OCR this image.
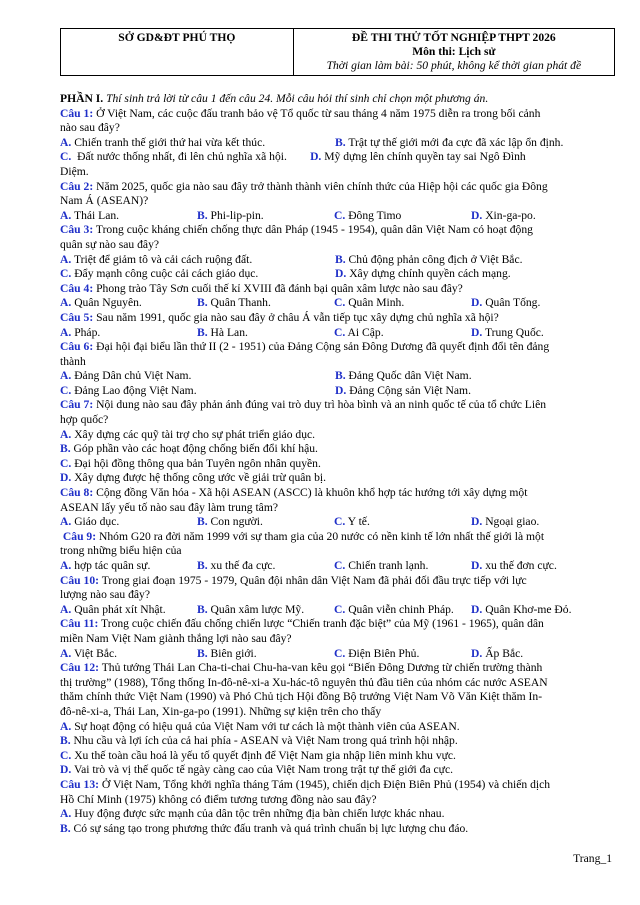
SỞ GD&ĐT PHÚ THỌ	ĐỀ THI THỬ TỐT NGHIỆP THPT 2026
Môn thi: Lịch sử
Thời gian làm bài: 50 phút, không kể thời gian phát đề
PHẦN I. Thí sinh trả lời từ câu 1 đến câu 24. Mỗi câu hỏi thí sinh chỉ chọn một phương án.
Câu 1: Ở Việt Nam, các cuộc đấu tranh bảo vệ Tổ quốc từ sau tháng 4 năm 1975 diễn ra trong bối cảnh
nào sau đây?
A. Chiến tranh thế giới thứ hai vừa kết thúc.	B. Trật tự thế giới mới đa cực đã xác lập ổn định.
C. Đất nước thống nhất, đi lên chủ nghĩa xã hội. D. Mỹ dựng lên chính quyền tay sai Ngô Đình
Diệm.
Câu 2: Năm 2025, quốc gia nào sau đây trở thành thành viên chính thức của Hiệp hội các quốc gia Đông
Nam Á (ASEAN)?
A. Thái Lan.	B. Phi-lip-pin.	C. Đông Timo	D. Xin-ga-po.
Câu 3: Trong cuộc kháng chiến chống thực dân Pháp (1945 - 1954), quân dân Việt Nam có hoạt động
quân sự nào sau đây?
A. Triệt để giảm tô và cải cách ruộng đất.	B. Chủ động phản công địch ở Việt Bắc.
C. Đẩy mạnh công cuộc cải cách giáo dục.	D. Xây dựng chính quyền cách mạng.
Câu 4: Phong trào Tây Sơn cuối thế kỉ XVIII đã đánh bại quân xâm lược nào sau đây?
A. Quân Nguyên.	B. Quân Thanh.	C. Quân Minh.	D. Quân Tống.
Câu 5: Sau năm 1991, quốc gia nào sau đây ở châu Á vẫn tiếp tục xây dựng chủ nghĩa xã hội?
A. Pháp.	B. Hà Lan.	C. Ai Cập.	D. Trung Quốc.
Câu 6: Đại hội đại biểu lần thứ II (2 - 1951) của Đảng Cộng sản Đông Dương đã quyết định đổi tên đảng
thành
A. Đảng Dân chủ Việt Nam.	B. Đảng Quốc dân Việt Nam.
C. Đảng Lao động Việt Nam.	D. Đảng Cộng sản Việt Nam.
Câu 7: Nội dung nào sau đây phản ánh đúng vai trò duy trì hòa bình và an ninh quốc tế của tổ chức Liên
hợp quốc?
A. Xây dựng các quỹ tài trợ cho sự phát triển giáo dục.
B. Góp phần vào các hoạt động chống biến đổi khí hậu.
C. Đại hội đồng thông qua bản Tuyên ngôn nhân quyền.
D. Xây dựng được hệ thống công ước về giải trừ quân bị.
Câu 8: Cộng đồng Văn hóa - Xã hội ASEAN (ASCC) là khuôn khổ hợp tác hướng tới xây dựng một
ASEAN lấy yếu tố nào sau đây làm trung tâm?
A. Giáo dục.	B. Con người.	C. Y tế.	D. Ngoại giao.
Câu 9: Nhóm G20 ra đời năm 1999 với sự tham gia của 20 nước có nền kinh tế lớn nhất thế giới là một
trong những biểu hiện của
A. hợp tác quân sự.	B. xu thế đa cực.	C. Chiến tranh lạnh.	D. xu thế đơn cực.
Câu 10: Trong giai đoạn 1975 - 1979, Quân đội nhân dân Việt Nam đã phải đối đầu trực tiếp với lực
lượng nào sau đây?
A. Quân phát xít Nhật.	B. Quân xâm lược Mỹ.	C. Quân viễn chinh Pháp. D. Quân Khơ-me Đỏ.
Câu 11: Trong cuộc chiến đấu chống chiến lược “Chiến tranh đặc biệt” của Mỹ (1961 - 1965), quân dân
miền Nam Việt Nam giành thắng lợi nào sau đây?
A. Việt Bắc.	B. Biên giới.	C. Điện Biên Phủ.	D. Ấp Bắc.
Câu 12: Thủ tướng Thái Lan Cha-ti-chai Chu-ha-van kêu gọi “Biến Đông Dương từ chiến trường thành
thị trường” (1988), Tổng thống In-đô-nê-xi-a Xu-hác-tô nguyên thủ đầu tiên của nhóm các nước ASEAN
thăm chính thức Việt Nam (1990) và Phó Chủ tịch Hội đồng Bộ trưởng Việt Nam Võ Văn Kiệt thăm In-
đô-nê-xi-a, Thái Lan, Xin-ga-po (1991). Những sự kiện trên cho thấy
A. Sự hoạt động có hiệu quả của Việt Nam với tư cách là một thành viên của ASEAN.
B. Nhu cầu và lợi ích của cả hai phía - ASEAN và Việt Nam trong quá trình hội nhập.
C. Xu thế toàn cầu hoá là yếu tố quyết định để Việt Nam gia nhập liên minh khu vực.
D. Vai trò và vị thế quốc tế ngày càng cao của Việt Nam trong trật tự thế giới đa cực.
Câu 13: Ở Việt Nam, Tổng khởi nghĩa tháng Tám (1945), chiến dịch Điện Biên Phủ (1954) và chiến dịch
Hồ Chí Minh (1975) không có điểm tương tương đồng nào sau đây?
A. Huy động được sức mạnh của dân tộc trên những địa bàn chiến lược khác nhau.
B. Có sự sáng tạo trong phương thức đấu tranh và quá trình chuẩn bị lực lượng chu đáo.
Trang_1
